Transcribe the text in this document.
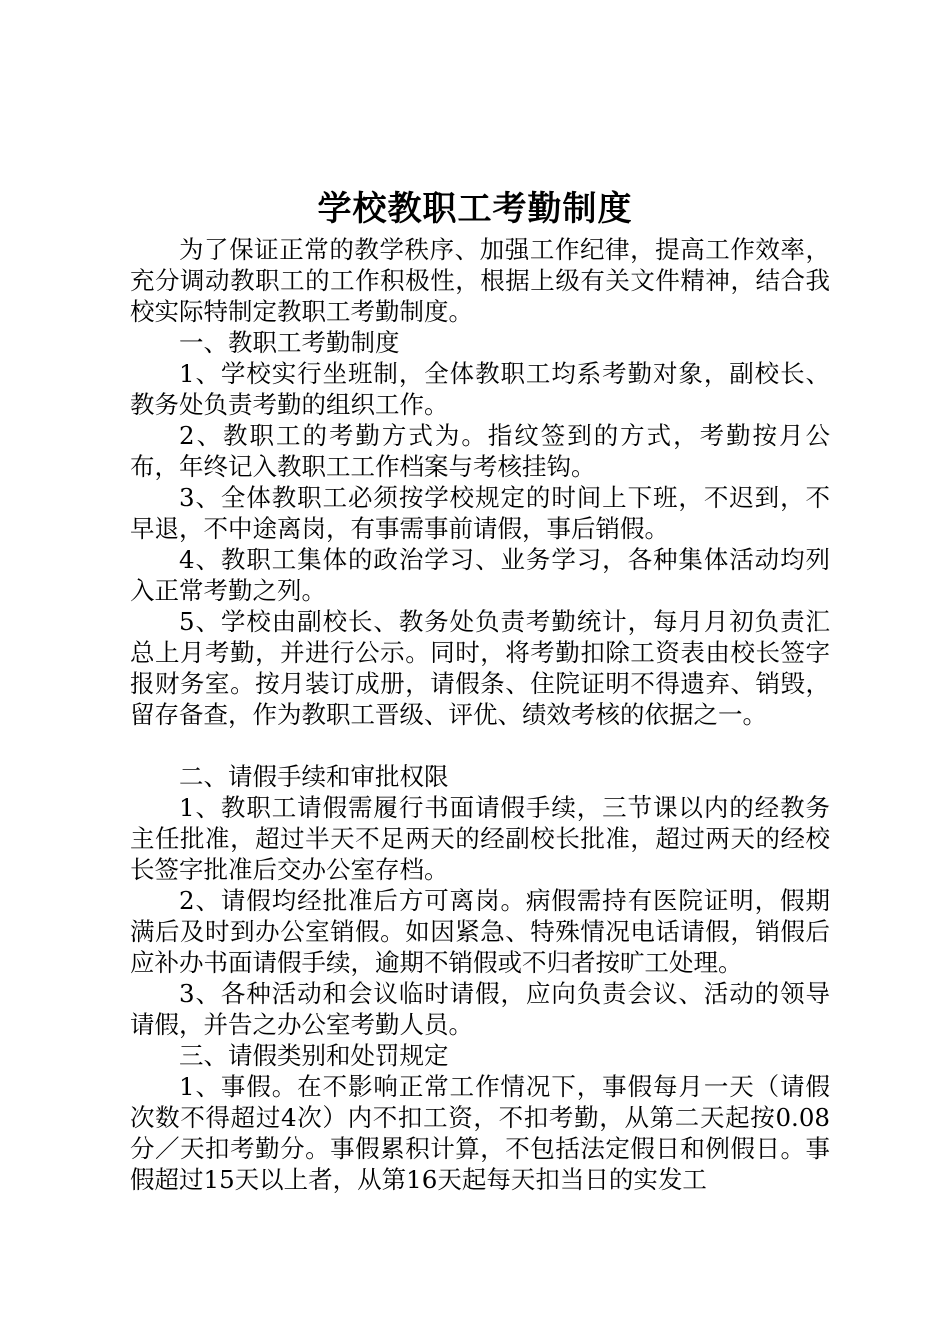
学校教职工考勤制度

为了保证正常的教学秩序、加强工作纪律，提高工作效率，充分调动教职工的工作积极性，根据上级有关文件精神，结合我校实际特制定教职工考勤制度。

一、教职工考勤制度

1、学校实行坐班制，全体教职工均系考勤对象，副校长、教务处负责考勤的组织工作。

2、教职工的考勤方式为。指纹签到的方式，考勤按月公布，年终记入教职工工作档案与考核挂钩。

3、全体教职工必须按学校规定的时间上下班，不迟到，不早退，不中途离岗，有事需事前请假，事后销假。

4、教职工集体的政治学习、业务学习，各种集体活动均列入正常考勤之列。

5、学校由副校长、教务处负责考勤统计，每月月初负责汇总上月考勤，并进行公示。同时，将考勤扣除工资表由校长签字报财务室。按月装订成册，请假条、住院证明不得遗弃、销毁，留存备查，作为教职工晋级、评优、绩效考核的依据之一。

二、请假手续和审批权限

1、教职工请假需履行书面请假手续，三节课以内的经教务主任批准，超过半天不足两天的经副校长批准，超过两天的经校长签字批准后交办公室存档。

2、请假均经批准后方可离岗。病假需持有医院证明，假期满后及时到办公室销假。如因紧急、特殊情况电话请假，销假后应补办书面请假手续，逾期不销假或不归者按旷工处理。

3、各种活动和会议临时请假，应向负责会议、活动的领导请假，并告之办公室考勤人员。

三、请假类别和处罚规定

1、事假。在不影响正常工作情况下，事假每月一天（请假次数不得超过4次）内不扣工资，不扣考勤，从第二天起按0.08分／天扣考勤分。事假累积计算，不包括法定假日和例假日。事假超过15天以上者，从第16天起每天扣当日的实发工
